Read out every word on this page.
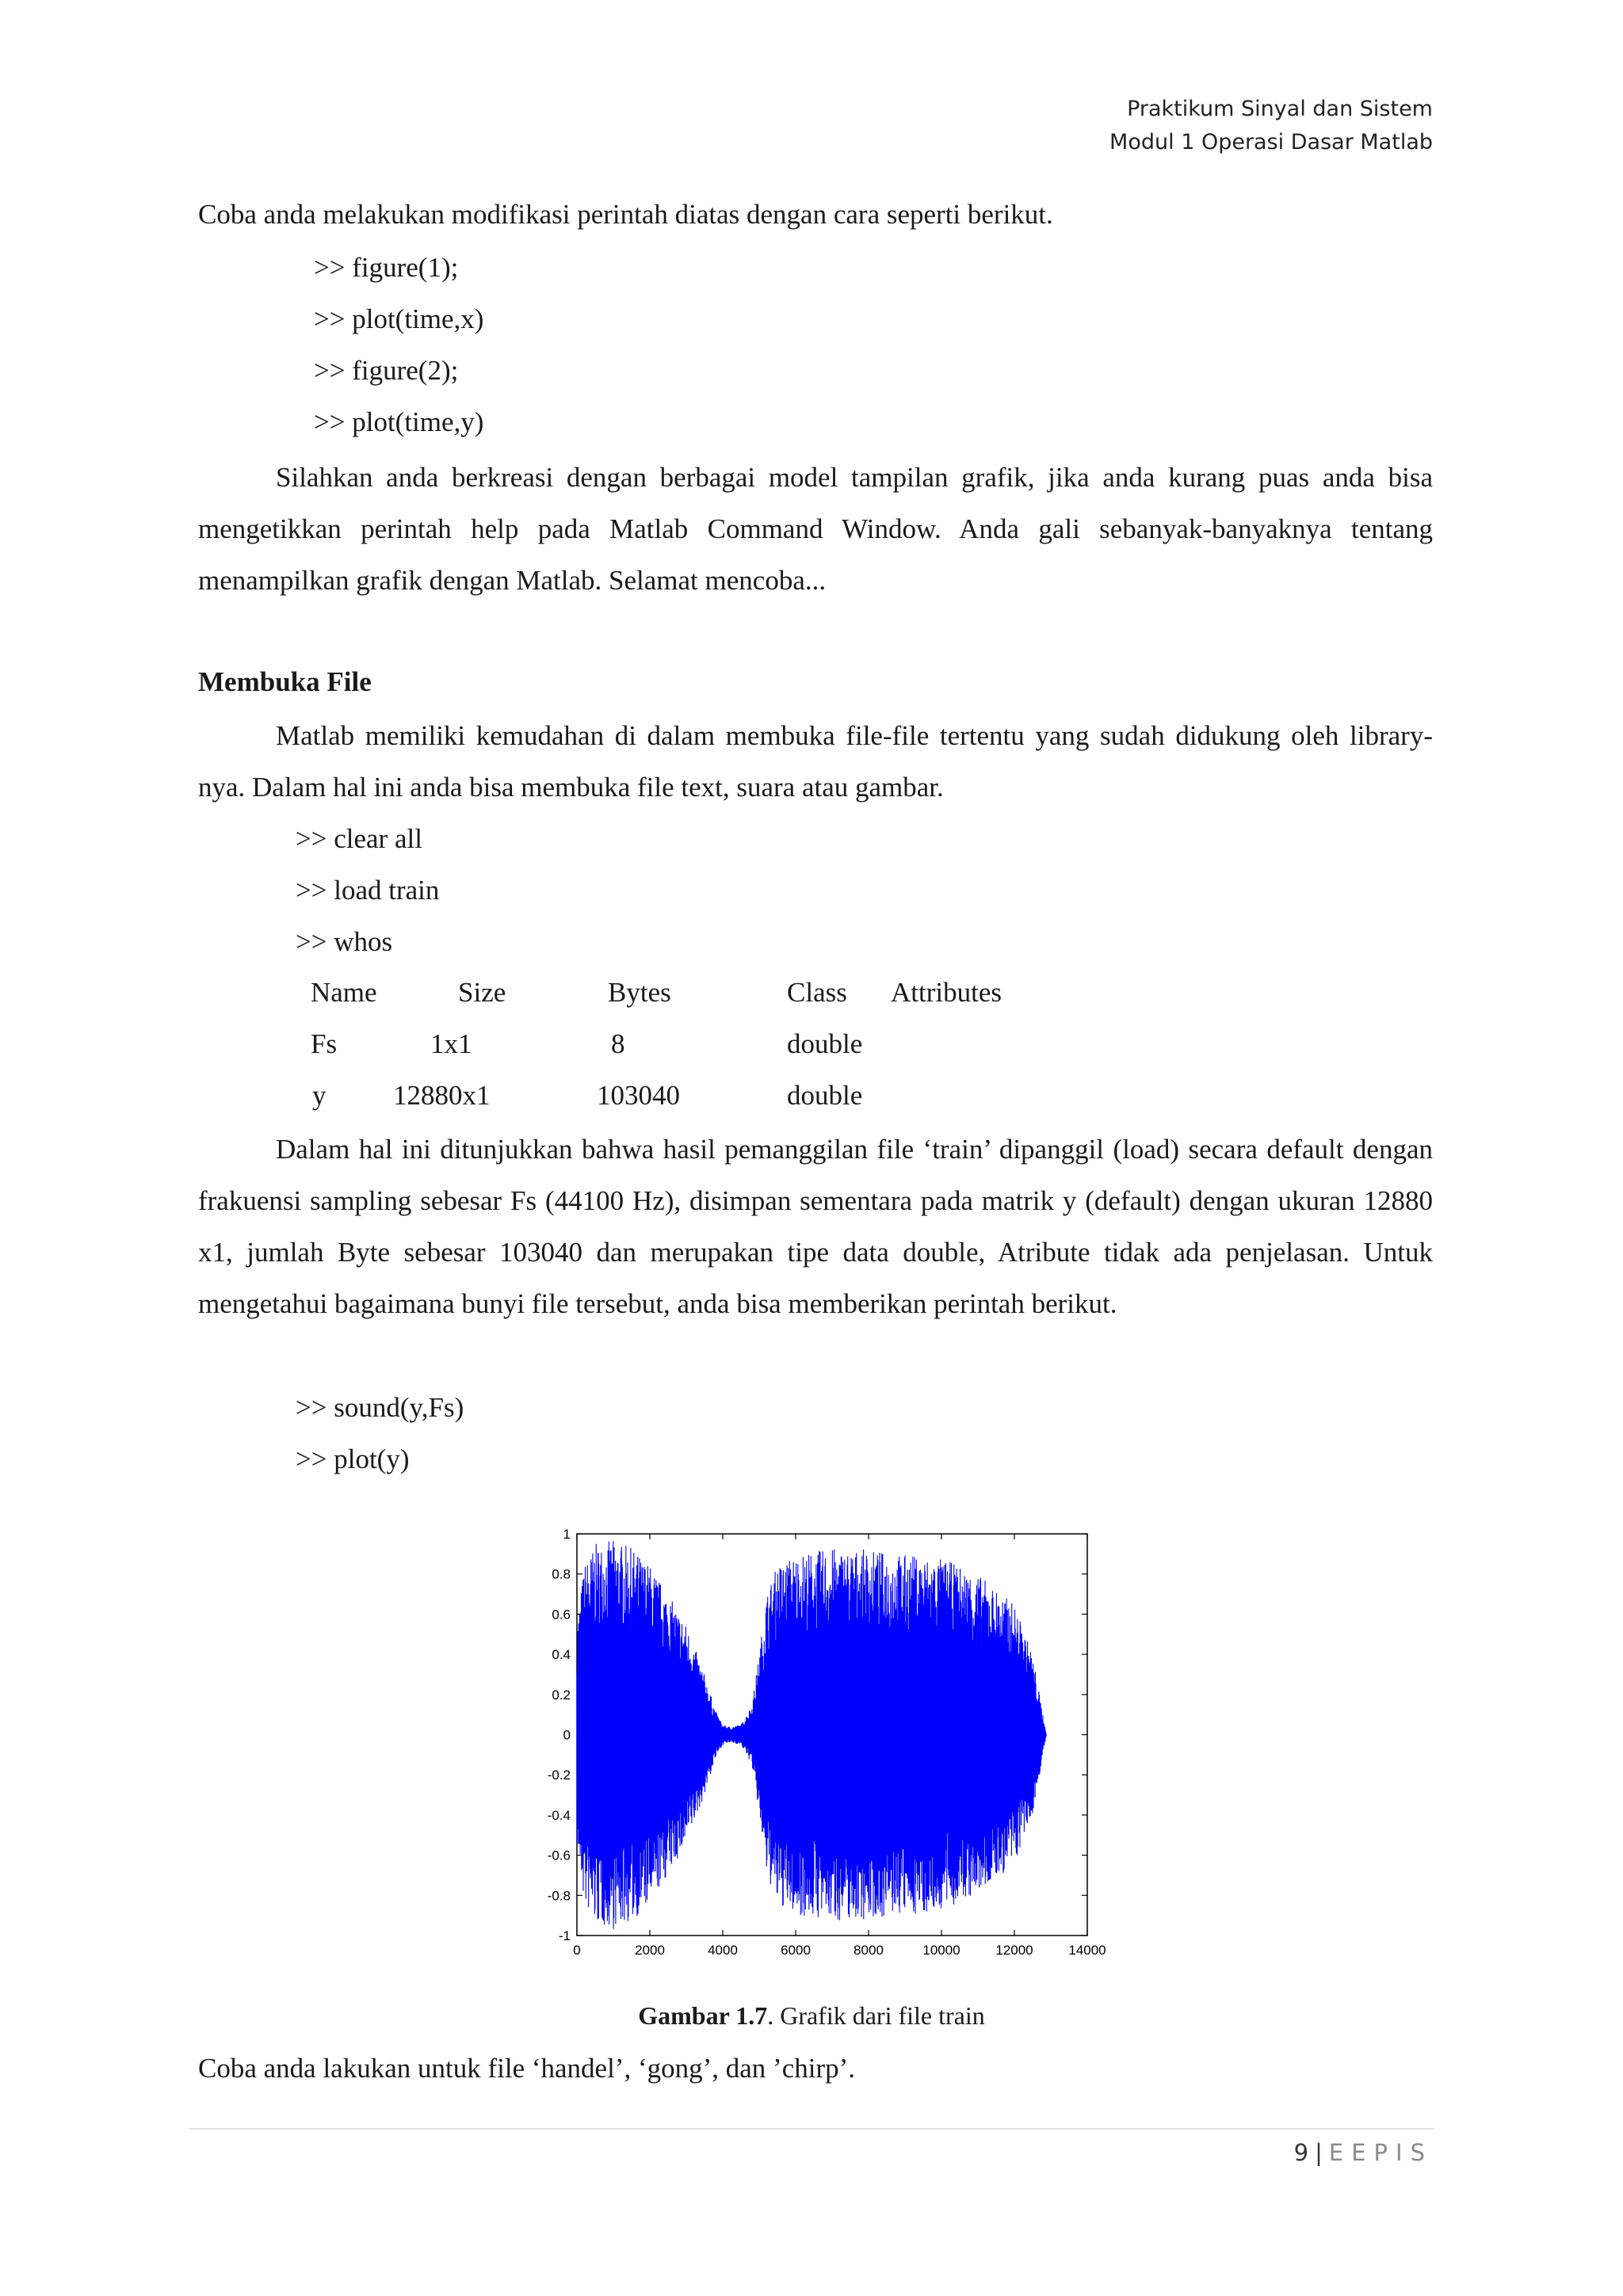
Praktikum Sinyal dan Sistem
Modul 1 Operasi Dasar Matlab
Coba anda melakukan modifikasi perintah diatas dengan cara seperti berikut.
>> figure(1);
>> plot(time,x)
>> figure(2);
>> plot(time,y)

Silahkan anda berkreasi dengan berbagai model tampilan grafik, jika anda kurang puas anda bisa mengetikkan perintah help pada Matlab Command Window. Anda gali sebanyak-banyaknya tentang menampilkan grafik dengan Matlab. Selamat mencoba...

Membuka File

Matlab memiliki kemudahan di dalam membuka file-file tertentu yang sudah didukung oleh library-nya. Dalam hal ini anda bisa membuka file text, suara atau gambar.

>> clear all
>> load train
>> whos
Name	Size	Bytes	Class Attributes
Fs	1x1	8	double
y 12880x1	103040	double

Dalam hal ini ditunjukkan bahwa hasil pemanggilan file ‘train’ dipanggil (load) secara default dengan frakuensi sampling sebesar Fs (44100 Hz), disimpan sementara pada matrik y (default) dengan ukuran 12880 x1, jumlah Byte sebesar 103040 dan merupakan tipe data double, Atribute tidak ada penjelasan. Untuk mengetahui bagaimana bunyi file tersebut, anda bisa memberikan perintah berikut.

>> sound(y,Fs)
>> plot(y)
1
0.8
0.6
0.4
0.2
0
-0.2
-0.4
-0.6
-0.8
-1
0	2000	4000	6000	8000	10000	12000	14000
Gambar 1.7. Grafik dari file train
Coba anda lakukan untuk file ‘handel’, ‘gong’, dan ’chirp’.
9 | EEPIS
